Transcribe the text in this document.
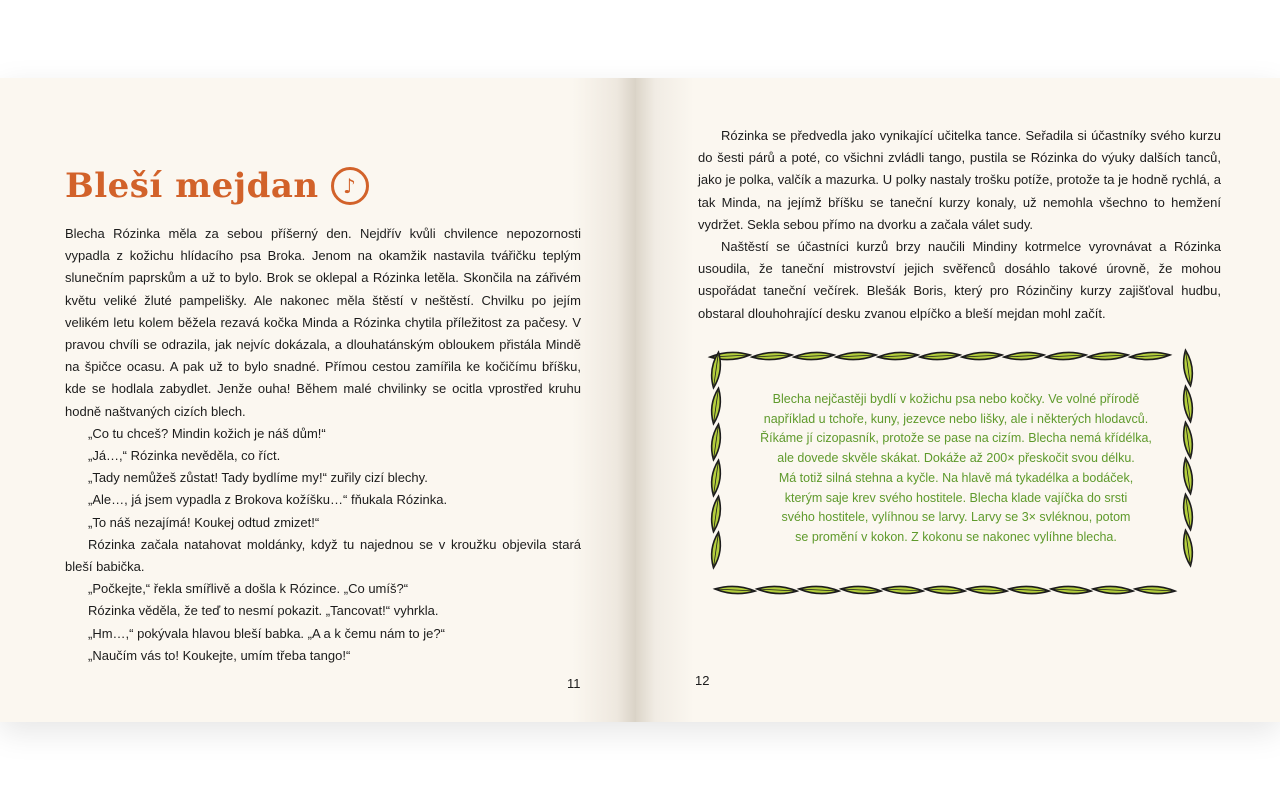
Bleší mejdan	♪

Blecha Rózinka měla za sebou příšerný den. Nejdřív kvůli chvilence nepozornosti vypadla z kožichu hlídacího psa Broka. Jenom na okamžik nastavila tvářičku teplým slunečním paprskům a už to bylo. Brok se oklepal a Rózinka letěla. Skončila na zářivém květu veliké žluté pampelišky. Ale nakonec měla štěstí v neštěstí. Chvilku po jejím velikém letu kolem běžela rezavá kočka Minda a Rózinka chytila příležitost za pačesy. V pravou chvíli se odrazila, jak nejvíc dokázala, a dlouhatánským obloukem přistála Mindě na špičce ocasu. A pak už to bylo snadné. Přímou cestou zamířila ke kočičímu bříšku, kde se hodlala zabydlet. Jenže ouha! Během malé chvilinky se ocitla vprostřed kruhu hodně naštvaných cizích blech.

„Co tu chceš? Mindin kožich je náš dům!“

„Já…,“ Rózinka nevěděla, co říct.

„Tady nemůžeš zůstat! Tady bydlíme my!“ zuřily cizí blechy.

„Ale…, já jsem vypadla z Brokova kožíšku…“ fňukala Rózinka.

„To náš nezajímá! Koukej odtud zmizet!“

Rózinka začala natahovat moldánky, když tu najednou se v kroužku objevila stará bleší babička.

„Počkejte,“ řekla smířlivě a došla k Rózince. „Co umíš?“

Rózinka věděla, že teď to nesmí pokazit. „Tancovat!“ vyhrkla.

„Hm…,“ pokývala hlavou bleší babka. „A a k čemu nám to je?“

„Naučím vás to! Koukejte, umím třeba tango!“

11

Rózinka se předvedla jako vynikající učitelka tance. Seřadila si účastníky svého kurzu do šesti párů a poté, co všichni zvládli tango, pustila se Rózinka do výuky dalších tanců, jako je polka, valčík a mazurka. U polky nastaly trošku potíže, protože ta je hodně rychlá, a tak Minda, na jejímž bříšku se taneční kurzy konaly, už nemohla všechno to hemžení vydržet. Sekla sebou přímo na dvorku a začala válet sudy.

Naštěstí se účastníci kurzů brzy naučili Mindiny kotrmelce vyrovnávat a Rózinka usoudila, že taneční mistrovství jejich svěřenců dosáhlo takové úrovně, že mohou uspořádat taneční večírek. Blešák Boris, který pro Rózinčiny kurzy zajišťoval hudbu, obstaral dlouhohrající desku zvanou elpíčko a bleší mejdan mohl začít.

Blecha nejčastěji bydlí v kožichu psa nebo kočky. Ve volné přírodě
například u tchoře, kuny, jezevce nebo lišky, ale i některých hlodavců.
Říkáme jí cizopasník, protože se pase na cizím. Blecha nemá křídélka,
ale dovede skvěle skákat. Dokáže až 200× přeskočit svou délku.
Má totiž silná stehna a kyčle. Na hlavě má tykadélka a bodáček,
kterým saje krev svého hostitele. Blecha klade vajíčka do srsti
svého hostitele, vylíhnou se larvy. Larvy se 3× svléknou, potom
se promění v kokon. Z kokonu se nakonec vylíhne blecha.
12
